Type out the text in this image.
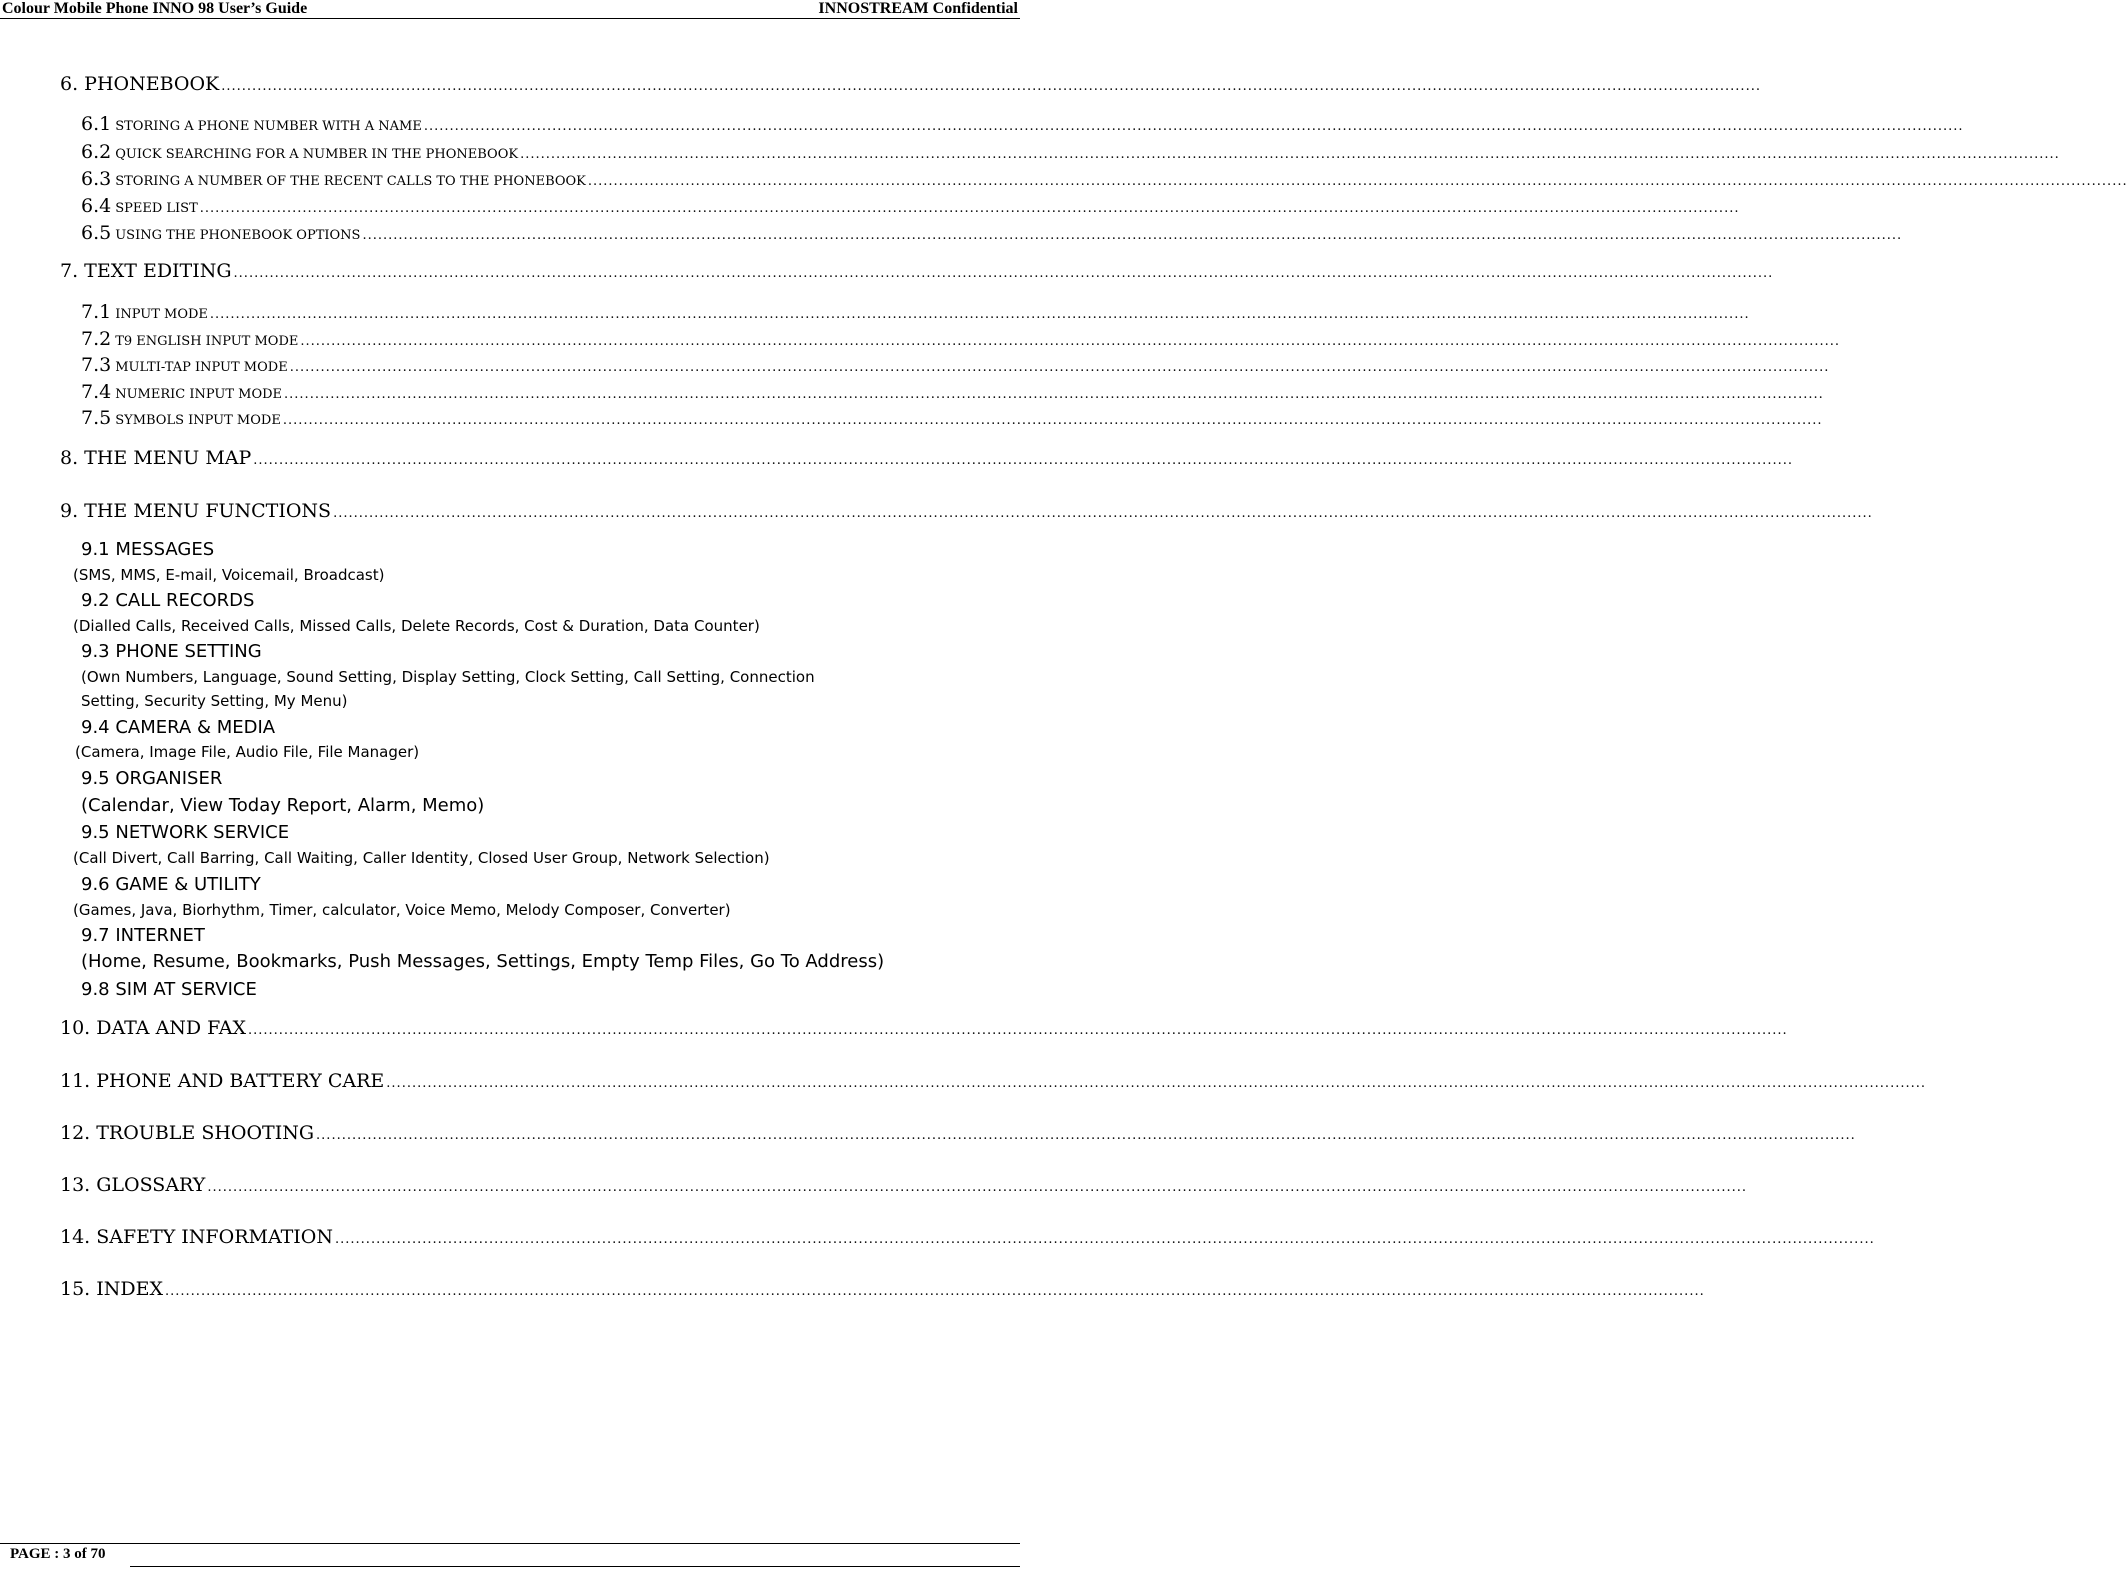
Colour Mobile Phone INNO 98 User’s Guide	INNOSTREAM Confidential
6. PHONEBOOK ............................................................................................................................................................................................................................................................................................................
6.1 STORING A PHONE NUMBER WITH A NAME ............................................................................................................................................................................................................................................................................................................
6.2 QUICK SEARCHING FOR A NUMBER IN THE PHONEBOOK ............................................................................................................................................................................................................................................................................................................
6.3 STORING A NUMBER OF THE RECENT CALLS TO THE PHONEBOOK ............................................................................................................................................................................................................................................................................................................
6.4 SPEED LIST ............................................................................................................................................................................................................................................................................................................
6.5 USING THE PHONEBOOK OPTIONS ............................................................................................................................................................................................................................................................................................................
7. TEXT EDITING ............................................................................................................................................................................................................................................................................................................
7.1 INPUT MODE ............................................................................................................................................................................................................................................................................................................
7.2 T9 ENGLISH INPUT MODE ............................................................................................................................................................................................................................................................................................................
7.3 MULTI-TAP INPUT MODE ............................................................................................................................................................................................................................................................................................................
7.4 NUMERIC INPUT MODE ............................................................................................................................................................................................................................................................................................................
7.5 SYMBOLS INPUT MODE ............................................................................................................................................................................................................................................................................................................
8. THE MENU MAP ............................................................................................................................................................................................................................................................................................................
9. THE MENU FUNCTIONS ............................................................................................................................................................................................................................................................................................................
9.1 MESSAGES
(SMS, MMS, E-mail, Voicemail, Broadcast)
9.2 CALL RECORDS
(Dialled Calls, Received Calls, Missed Calls, Delete Records, Cost & Duration, Data Counter)
9.3 PHONE SETTING
(Own Numbers, Language, Sound Setting, Display Setting, Clock Setting, Call Setting, Connection
Setting, Security Setting, My Menu)
9.4 CAMERA & MEDIA
(Camera, Image File, Audio File, File Manager)
9.5 ORGANISER
(Calendar, View Today Report, Alarm, Memo)
9.5 NETWORK SERVICE
(Call Divert, Call Barring, Call Waiting, Caller Identity, Closed User Group, Network Selection)
9.6 GAME & UTILITY
(Games, Java, Biorhythm, Timer, calculator, Voice Memo, Melody Composer, Converter)
9.7 INTERNET
(Home, Resume, Bookmarks, Push Messages, Settings, Empty Temp Files, Go To Address)
9.8 SIM AT SERVICE
10. DATA AND FAX ............................................................................................................................................................................................................................................................................................................
11. PHONE AND BATTERY CARE ............................................................................................................................................................................................................................................................................................................
12. TROUBLE SHOOTING ............................................................................................................................................................................................................................................................................................................
13. GLOSSARY ............................................................................................................................................................................................................................................................................................................
14. SAFETY INFORMATION ............................................................................................................................................................................................................................................................................................................
15. INDEX ............................................................................................................................................................................................................................................................................................................
PAGE : 3 of 70
